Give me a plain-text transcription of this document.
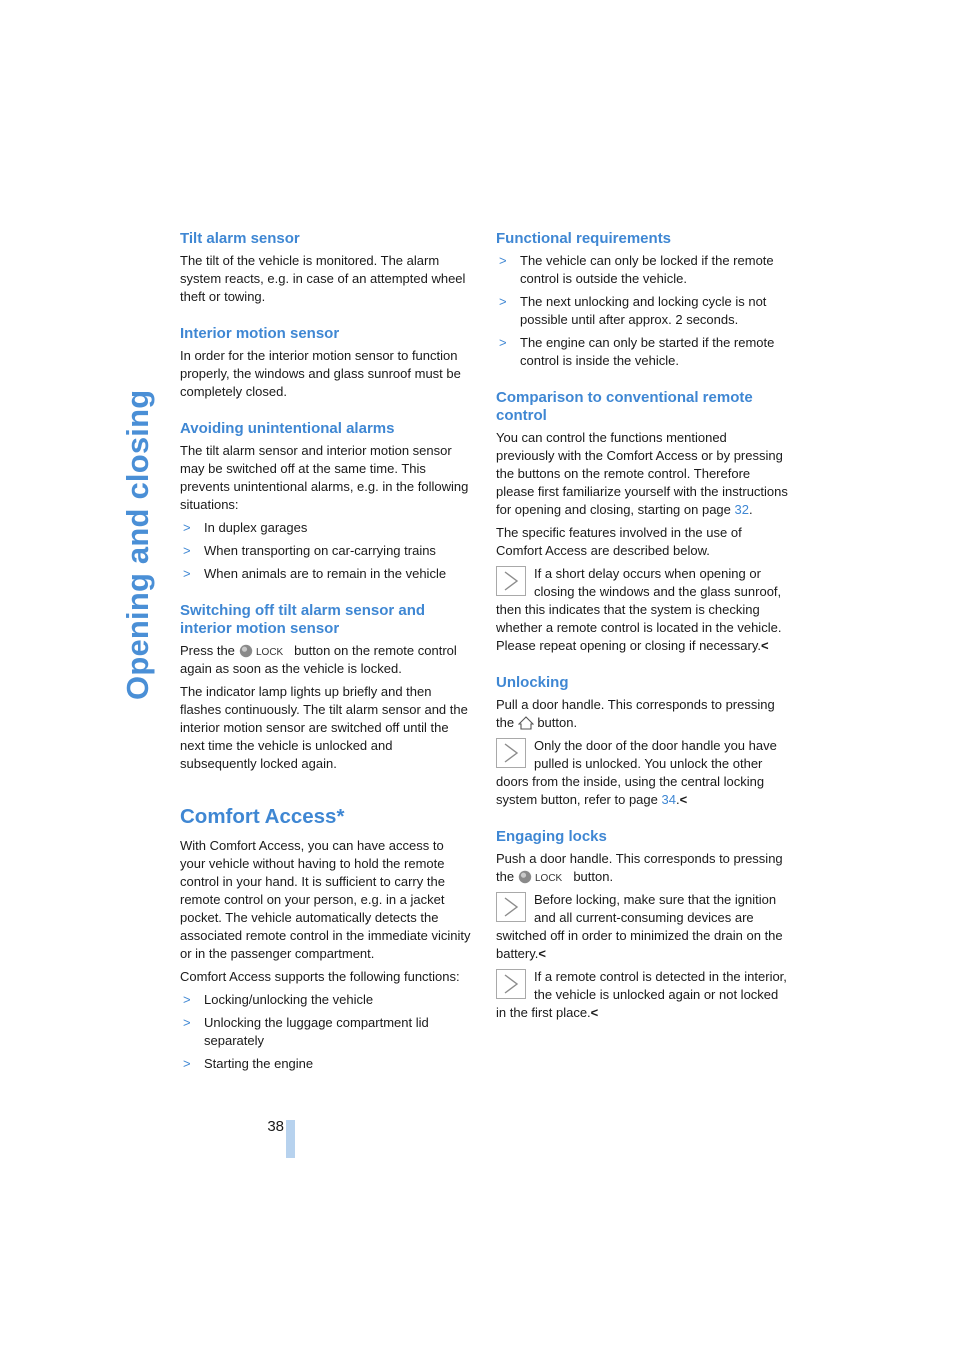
Opening and closing
Tilt alarm sensor

The tilt of the vehicle is monitored. The alarm system reacts, e.g. in case of an attempted wheel theft or towing.

Interior motion sensor

In order for the interior motion sensor to function properly, the windows and glass sunroof must be completely closed.

Avoiding unintentional alarms

The tilt alarm sensor and interior motion sensor may be switched off at the same time. This prevents unintentional alarms, e.g. in the following situations:

> In duplex garages
> When transporting on car-carrying trains
> When animals are to remain in the vehicle
Switching off tilt alarm sensor and interior motion sensor

Press the LOCK button on the remote control again as soon as the vehicle is locked.

The indicator lamp lights up briefly and then flashes continuously. The tilt alarm sensor and the interior motion sensor are switched off until the next time the vehicle is unlocked and subsequently locked again.

Comfort Access*

With Comfort Access, you can have access to your vehicle without having to hold the remote control in your hand. It is sufficient to carry the remote control on your person, e.g. in a jacket pocket. The vehicle automatically detects the associated remote control in the immediate vicinity or in the passenger compartment.

Comfort Access supports the following functions:

> Locking/unlocking the vehicle
> Unlocking the luggage compartment lid separately
> Starting the engine
Functional requirements
> The vehicle can only be locked if the remote control is outside the vehicle.
> The next unlocking and locking cycle is not possible until after approx. 2 seconds.
> The engine can only be started if the remote control is inside the vehicle.
Comparison to conventional remote control

You can control the functions mentioned previously with the Comfort Access or by pressing the buttons on the remote control. Therefore please first familiarize yourself with the instructions for opening and closing, starting on page 32.

The specific features involved in the use of Comfort Access are described below.

If a short delay occurs when opening or closing the windows and the glass sunroof, then this indicates that the system is checking whether a remote control is located in the vehicle. Please repeat opening or closing if necessary.<

Unlocking

Pull a door handle. This corresponds to pressing the button.

Only the door of the door handle you have pulled is unlocked. You unlock the other doors from the inside, using the central locking system button, refer to page 34.<

Engaging locks

Push a door handle. This corresponds to pressing the LOCK button.

Before locking, make sure that the ignition and all current-consuming devices are switched off in order to minimized the drain on the battery.<

If a remote control is detected in the interior, the vehicle is unlocked again or not locked in the first place.<

38
